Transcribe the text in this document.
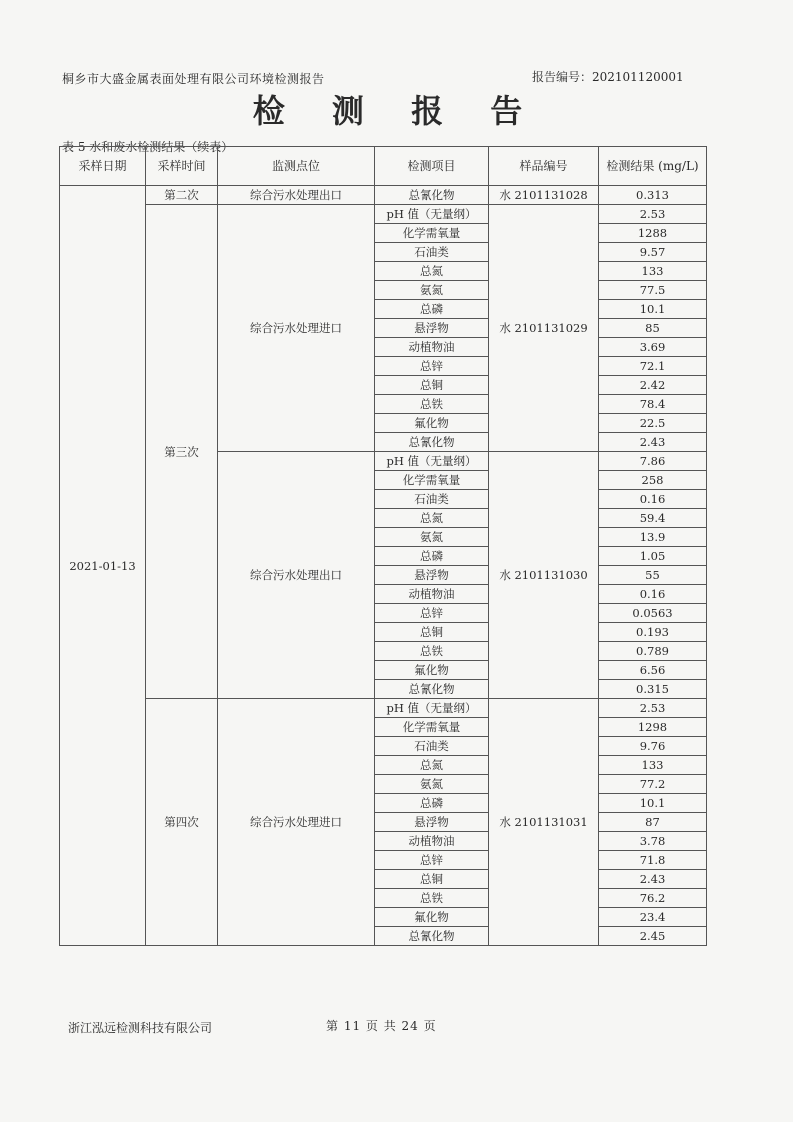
桐乡市大盛金属表面处理有限公司环境检测报告	报告编号：202101120001
检 测 报 告
表 5 水和废水检测结果（续表）
采样日期	采样时间	监测点位	检测项目	样品编号	检测结果 (mg/L)
2021-01-13	第二次	综合污水处理出口	总氰化物	水 2101131028	0.313
	第三次	综合污水处理进口	pH 值（无量纲）	水 2101131029	2.53
			化学需氧量		1288
			石油类		9.57
			总氮		133
			氨氮		77.5
			总磷		10.1
			悬浮物		85
			动植物油		3.69
			总锌		72.1
			总铜		2.42
			总铁		78.4
			氟化物		22.5
			总氰化物		2.43
		综合污水处理出口	pH 值（无量纲）	水 2101131030	7.86
			化学需氧量		258
			石油类		0.16
			总氮		59.4
			氨氮		13.9
			总磷		1.05
			悬浮物		55
			动植物油		0.16
			总锌		0.0563
			总铜		0.193
			总铁		0.789
			氟化物		6.56
			总氰化物		0.315
	第四次	综合污水处理进口	pH 值（无量纲）	水 2101131031	2.53
			化学需氧量		1298
			石油类		9.76
			总氮		133
			氨氮		77.2
			总磷		10.1
			悬浮物		87
			动植物油		3.78
			总锌		71.8
			总铜		2.43
			总铁		76.2
			氟化物		23.4
			总氰化物		2.45
浙江泓远检测科技有限公司	第 11 页 共 24 页
